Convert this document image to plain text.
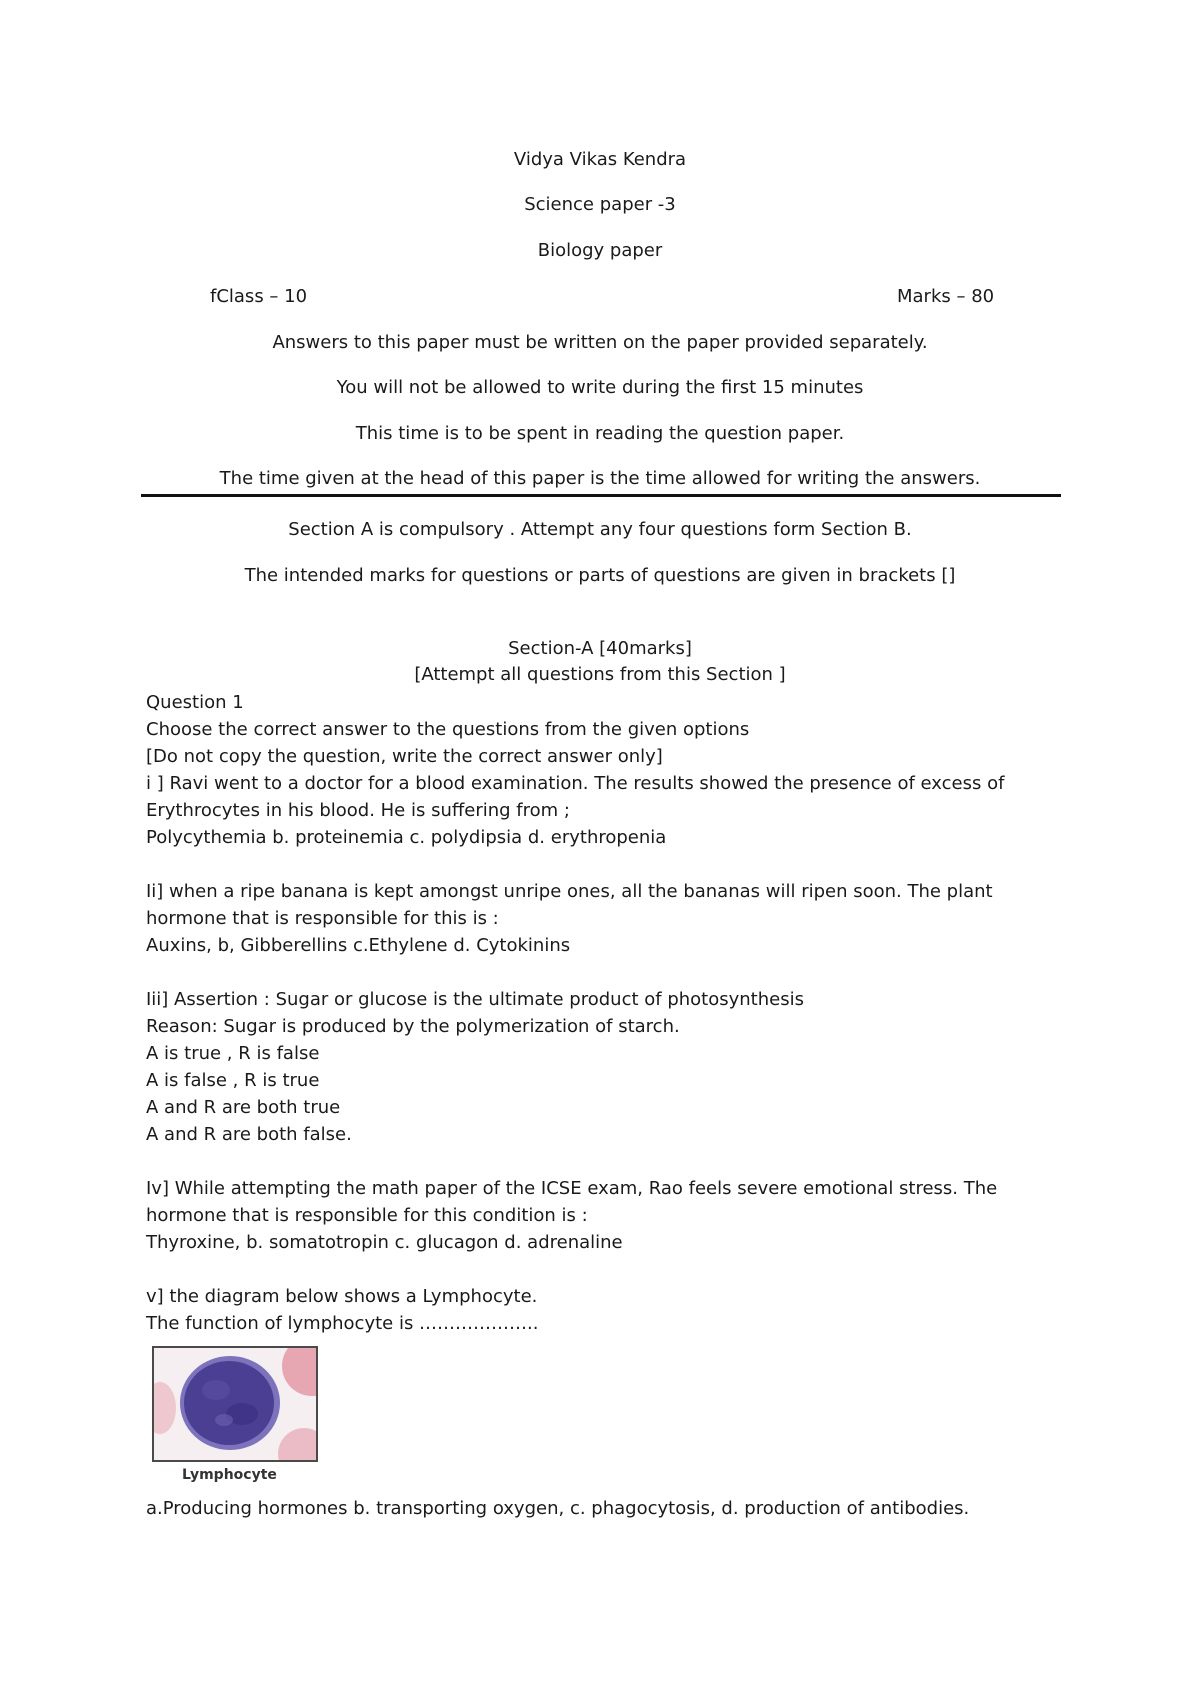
Vidya Vikas Kendra
Science paper -3
Biology paper
fClass – 10	Marks – 80
Answers to this paper must be written on the paper provided separately.
You will not be allowed to write during the first 15 minutes
This time is to be spent in reading the question paper.
The time given at the head of this paper is the time allowed for writing the answers.
Section A is compulsory . Attempt any four questions form Section B.
The intended marks for questions or parts of questions are given in brackets []
Section-A [40marks]
[Attempt all questions from this Section ]
Question 1
Choose the correct answer to the questions from the given options
[Do not copy the question, write the correct answer only]
i ] Ravi went to a doctor for a blood examination. The results showed the presence of excess of
Erythrocytes in his blood. He is suffering from ;
Polycythemia b. proteinemia c. polydipsia d. erythropenia
Ii] when a ripe banana is kept amongst unripe ones, all the bananas will ripen soon. The plant
hormone that is responsible for this is :
Auxins, b, Gibberellins c.Ethylene d. Cytokinins
Iii] Assertion : Sugar or glucose is the ultimate product of photosynthesis
Reason: Sugar is produced by the polymerization of starch.
A is true , R is false
A is false , R is true
A and R are both true
A and R are both false.
Iv] While attempting the math paper of the ICSE exam, Rao feels severe emotional stress. The
hormone that is responsible for this condition is :
Thyroxine, b. somatotropin c. glucagon d. adrenaline
v] the diagram below shows a Lymphocyte.
The function of lymphocyte is ………………..
Lymphocyte
a.Producing hormones b. transporting oxygen, c. phagocytosis, d. production of antibodies.
